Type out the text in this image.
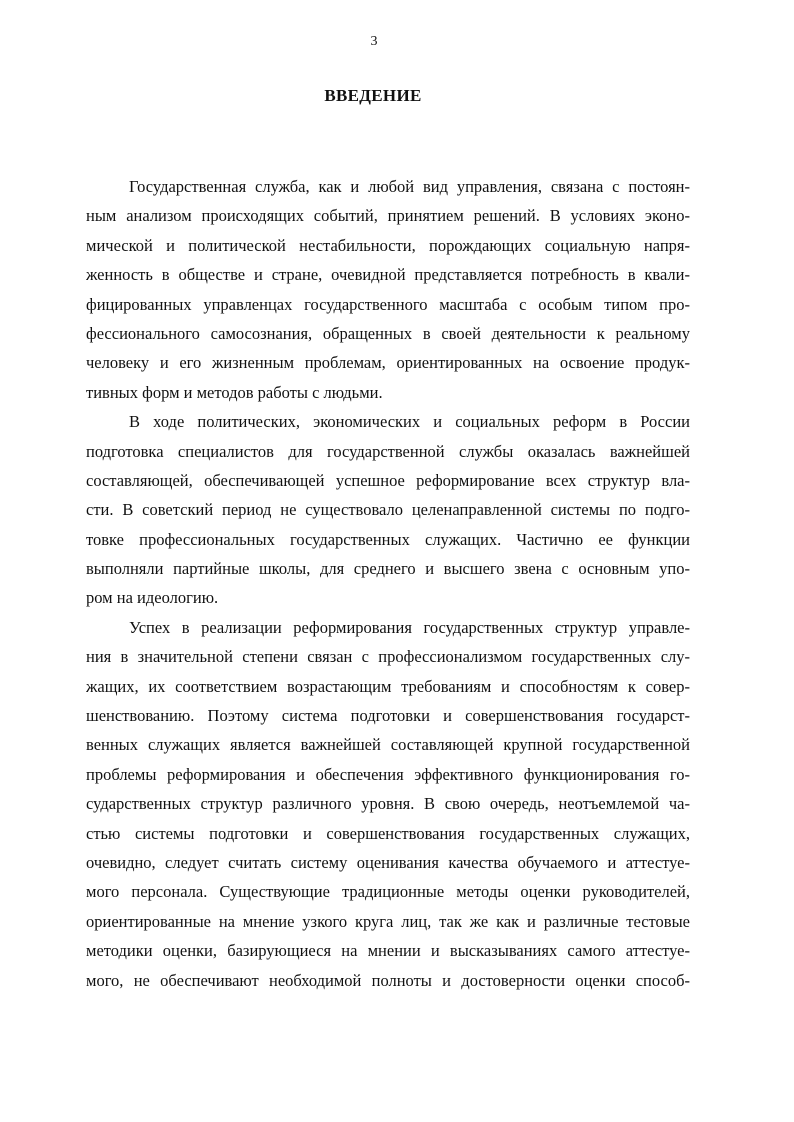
3
ВВЕДЕНИЕ
Государственная служба, как и любой вид управления, связана с постоян-
ным анализом происходящих событий, принятием решений. В условиях эконо-
мической и политической нестабильности, порождающих социальную напря-
женность в обществе и стране, очевидной представляется потребность в квали-
фицированных управленцах государственного масштаба с особым типом про-
фессионального самосознания, обращенных в своей деятельности к реальному
человеку и его жизненным проблемам, ориентированных на освоение продук-
тивных форм и методов работы с людьми.
В ходе политических, экономических и социальных реформ в России
подготовка специалистов для государственной службы оказалась важнейшей
составляющей, обеспечивающей успешное реформирование всех структур вла-
сти. В советский период не существовало целенаправленной системы по подго-
товке профессиональных государственных служащих. Частично ее функции
выполняли партийные школы, для среднего и высшего звена с основным упо-
ром на идеологию.
Успех в реализации реформирования государственных структур управле-
ния в значительной степени связан с профессионализмом государственных слу-
жащих, их соответствием возрастающим требованиям и способностям к совер-
шенствованию. Поэтому система подготовки и совершенствования государст-
венных служащих является важнейшей составляющей крупной государственной
проблемы реформирования и обеспечения эффективного функционирования го-
сударственных структур различного уровня. В свою очередь, неотъемлемой ча-
стью системы подготовки и совершенствования государственных служащих,
очевидно, следует считать систему оценивания качества обучаемого и аттестуе-
мого персонала. Существующие традиционные методы оценки руководителей,
ориентированные на мнение узкого круга лиц, так же как и различные тестовые
методики оценки, базирующиеся на мнении и высказываниях самого аттестуе-
мого, не обеспечивают необходимой полноты и достоверности оценки способ-
